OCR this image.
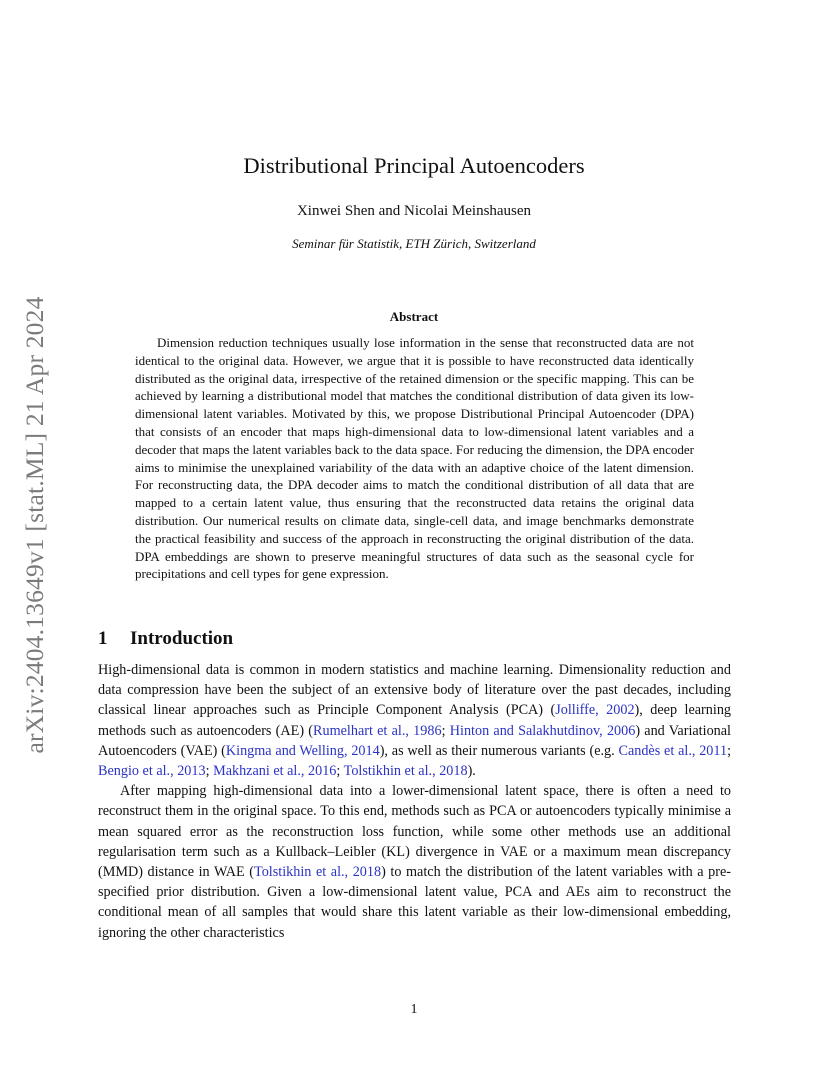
arXiv:2404.13649v1 [stat.ML] 21 Apr 2024
Distributional Principal Autoencoders
Xinwei Shen and Nicolai Meinshausen
Seminar für Statistik, ETH Zürich, Switzerland
Abstract
Dimension reduction techniques usually lose information in the sense that reconstructed data are not identical to the original data. However, we argue that it is possible to have reconstructed data identically distributed as the original data, irrespective of the retained dimension or the specific mapping. This can be achieved by learning a distributional model that matches the conditional distribution of data given its low-dimensional latent variables. Motivated by this, we propose Distributional Principal Autoencoder (DPA) that consists of an encoder that maps high-dimensional data to low-dimensional latent variables and a decoder that maps the latent variables back to the data space. For reducing the dimension, the DPA encoder aims to minimise the unexplained variability of the data with an adaptive choice of the latent dimension. For reconstructing data, the DPA decoder aims to match the conditional distribution of all data that are mapped to a certain latent value, thus ensuring that the reconstructed data retains the original data distribution. Our numerical results on climate data, single-cell data, and image benchmarks demonstrate the practical feasibility and success of the approach in reconstructing the original distribution of the data. DPA embeddings are shown to preserve meaningful structures of data such as the seasonal cycle for precipitations and cell types for gene expression.
1 Introduction

High-dimensional data is common in modern statistics and machine learning. Dimensionality reduction and data compression have been the subject of an extensive body of literature over the past decades, including classical linear approaches such as Principle Component Analysis (PCA) (Jolliffe, 2002), deep learning methods such as autoencoders (AE) (Rumelhart et al., 1986; Hinton and Salakhutdinov, 2006) and Variational Autoencoders (VAE) (Kingma and Welling, 2014), as well as their numerous variants (e.g. Candès et al., 2011; Bengio et al., 2013; Makhzani et al., 2016; Tolstikhin et al., 2018).

After mapping high-dimensional data into a lower-dimensional latent space, there is often a need to reconstruct them in the original space. To this end, methods such as PCA or autoencoders typically minimise a mean squared error as the reconstruction loss function, while some other methods use an additional regularisation term such as a Kullback–Leibler (KL) divergence in VAE or a maximum mean discrepancy (MMD) distance in WAE (Tolstikhin et al., 2018) to match the distribution of the latent variables with a pre-specified prior distribution. Given a low-dimensional latent value, PCA and AEs aim to reconstruct the conditional mean of all samples that would share this latent variable as their low-dimensional embedding, ignoring the other characteristics

1
